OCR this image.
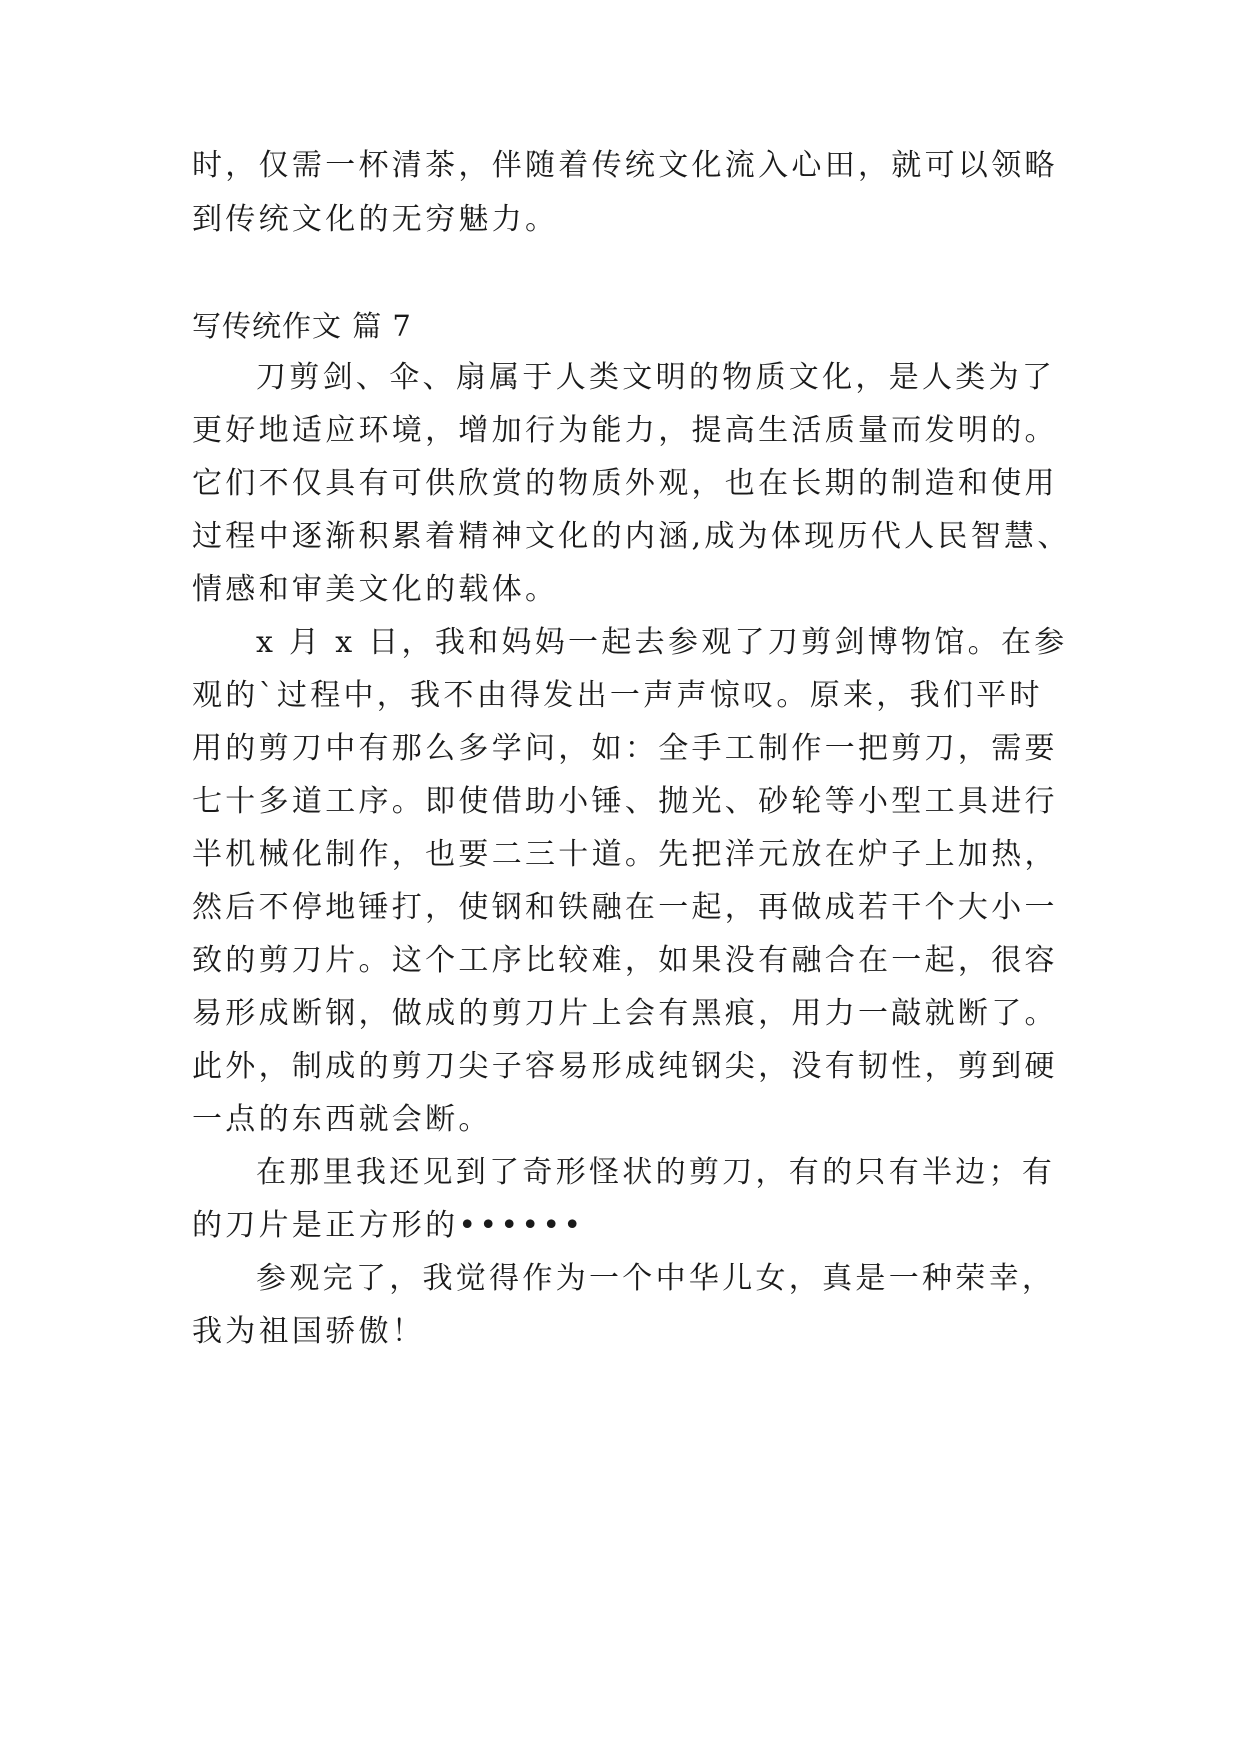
时，仅需一杯清茶，伴随着传统文化流入心田，就可以领略
到传统文化的无穷魅力。
写传统作文 篇 7
刀剪剑、伞、扇属于人类文明的物质文化，是人类为了
更好地适应环境，增加行为能力，提高生活质量而发明的。
它们不仅具有可供欣赏的物质外观，也在长期的制造和使用
过程中逐渐积累着精神文化的内涵,成为体现历代人民智慧、
情感和审美文化的载体。
x 月 x 日，我和妈妈一起去参观了刀剪剑博物馆。在参
观的`过程中，我不由得发出一声声惊叹。原来，我们平时
用的剪刀中有那么多学问，如：全手工制作一把剪刀，需要
七十多道工序。即使借助小锤、抛光、砂轮等小型工具进行
半机械化制作，也要二三十道。先把洋元放在炉子上加热，
然后不停地锤打，使钢和铁融在一起，再做成若干个大小一
致的剪刀片。这个工序比较难，如果没有融合在一起，很容
易形成断钢，做成的剪刀片上会有黑痕，用力一敲就断了。
此外，制成的剪刀尖子容易形成纯钢尖，没有韧性，剪到硬
一点的东西就会断。
在那里我还见到了奇形怪状的剪刀，有的只有半边；有
的刀片是正方形的••••••
参观完了，我觉得作为一个中华儿女，真是一种荣幸，
我为祖国骄傲！
